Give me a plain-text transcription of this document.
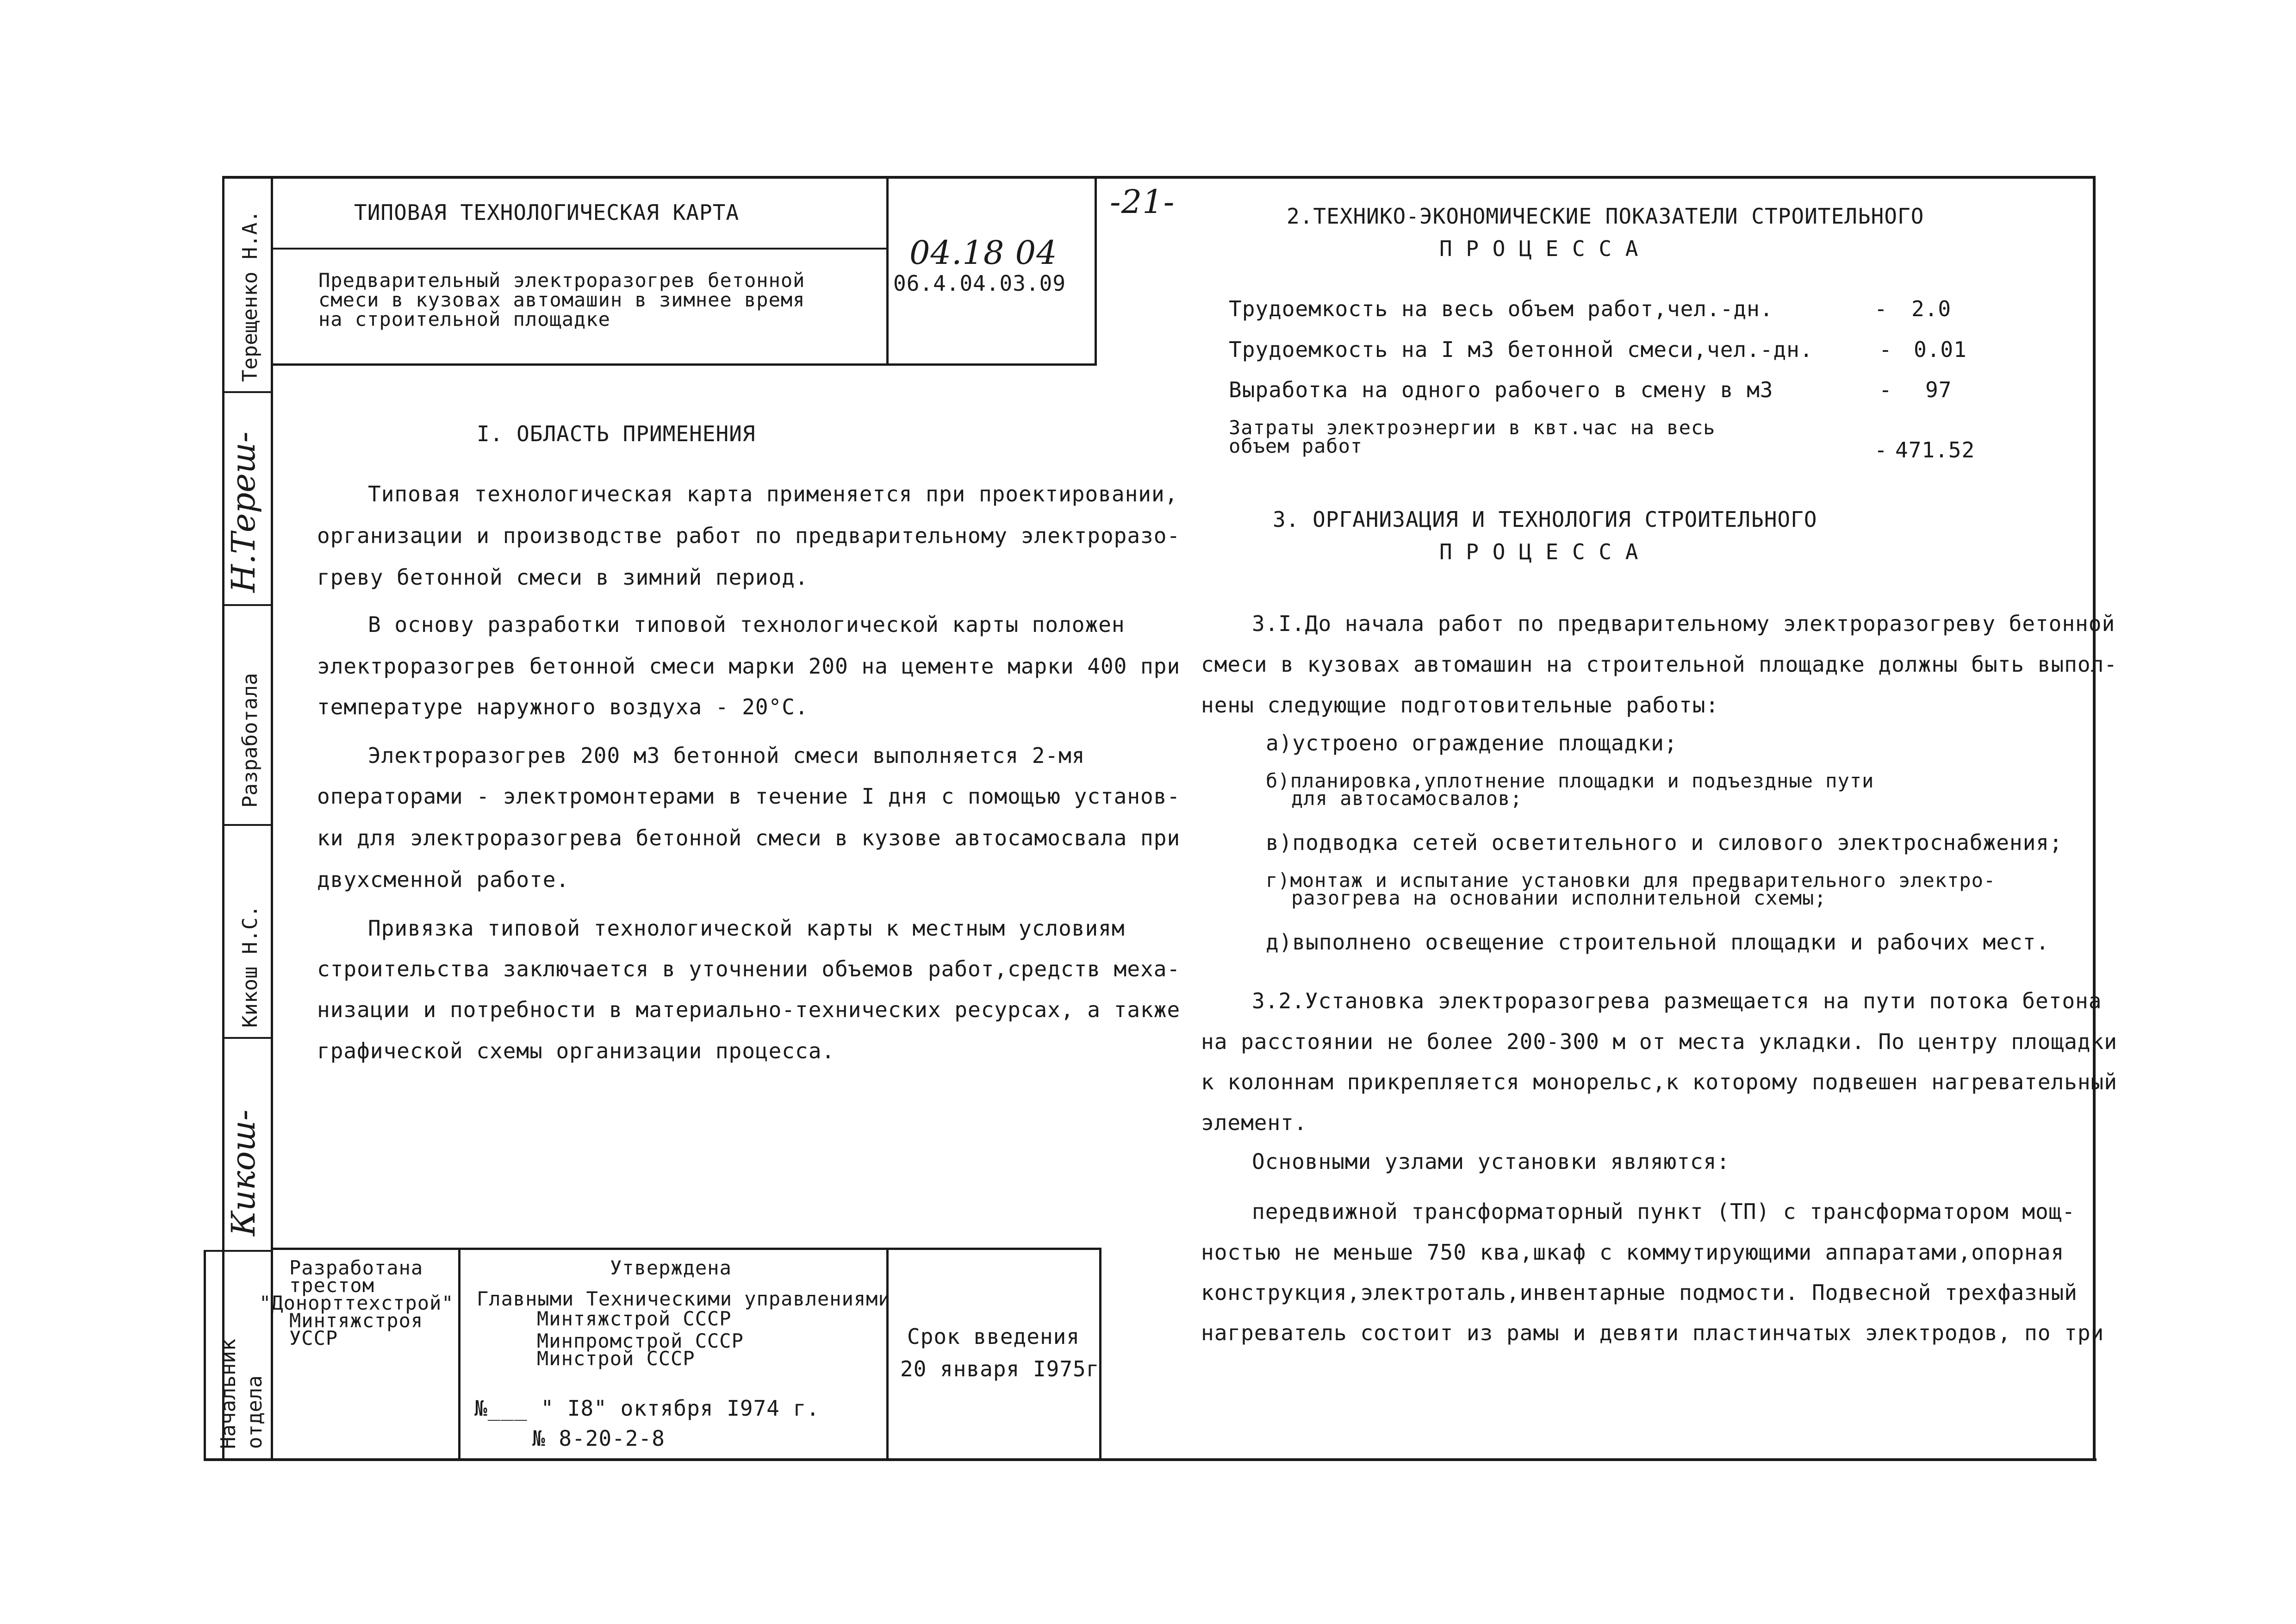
Терещенко Н.А.
Н.Тереш-
Разработала
Кикош Н.С.
Кикош-
Начальник отдела
ТИПОВАЯ ТЕХНОЛОГИЧЕСКАЯ КАРТА
Предварительный электроразогрев бетонной
смеси в кузовах автомашин в зимнее время
на строительной площадке
04.18 04
06.4.04.03.09
-21-
I. ОБЛАСТЬ ПРИМЕНЕНИЯ
Типовая технологическая карта применяется при проектировании,
организации и производстве работ по предварительному электроразо-
греву бетонной смеси в зимний период.
В основу разработки типовой технологической карты положен
электроразогрев бетонной смеси марки 200 на цементе марки 400 при
температуре наружного воздуха - 20°С.
Электроразогрев 200 м3 бетонной смеси выполняется 2-мя
операторами - электромонтерами в течение I дня с помощью установ-
ки для электроразогрева бетонной смеси в кузове автосамосвала при
двухсменной работе.
Привязка типовой технологической карты к местным условиям
строительства заключается в уточнении объемов работ,средств меха-
низации и потребности в материально-технических ресурсах, а также
графической схемы организации процесса.
Разработана
трестом
"Донорттехстрой"
Минтяжстроя
УССР
Утверждена
Главными Техническими управлениями
Минтяжстрой СССР
Минпромстрой СССР
Минстрой СССР
№___ " I8" октября I974 г.
№ 8-20-2-8
Срок введения
20 января I975г
2.ТЕХНИКО-ЭКОНОМИЧЕСКИЕ ПОКАЗАТЕЛИ СТРОИТЕЛЬНОГО
П Р О Ц Е С С А
Трудоемкость на весь объем работ,чел.-дн.	- 2.0
Трудоемкость на I м3 бетонной смеси,чел.-дн.	- 0.01
Выработка на одного рабочего в смену в м3	- 97
Затраты электроэнергии в квт.час на весь
объем работ	- 471.52
3. ОРГАНИЗАЦИЯ И ТЕХНОЛОГИЯ СТРОИТЕЛЬНОГО
П Р О Ц Е С С А
3.I.До начала работ по предварительному электроразогреву бетонной
смеси в кузовах автомашин на строительной площадке должны быть выпол-
нены следующие подготовительные работы:
а)устроено ограждение площадки;
б)планировка,уплотнение площадки и подъездные пути
для автосамосвалов;
в)подводка сетей осветительного и силового электроснабжения;
г)монтаж и испытание установки для предварительного электро-
разогрева на основании исполнительной схемы;
д)выполнено освещение строительной площадки и рабочих мест.
3.2.Установка электроразогрева размещается на пути потока бетона
на расстоянии не более 200-300 м от места укладки. По центру площадки
к колоннам прикрепляется монорельс,к которому подвешен нагревательный
элемент.
Основными узлами установки являются:
передвижной трансформаторный пункт (ТП) с трансформатором мощ-
ностью не меньше 750 ква,шкаф с коммутирующими аппаратами,опорная
конструкция,электроталь,инвентарные подмости. Подвесной трехфазный
нагреватель состоит из рамы и девяти пластинчатых электродов, по три
